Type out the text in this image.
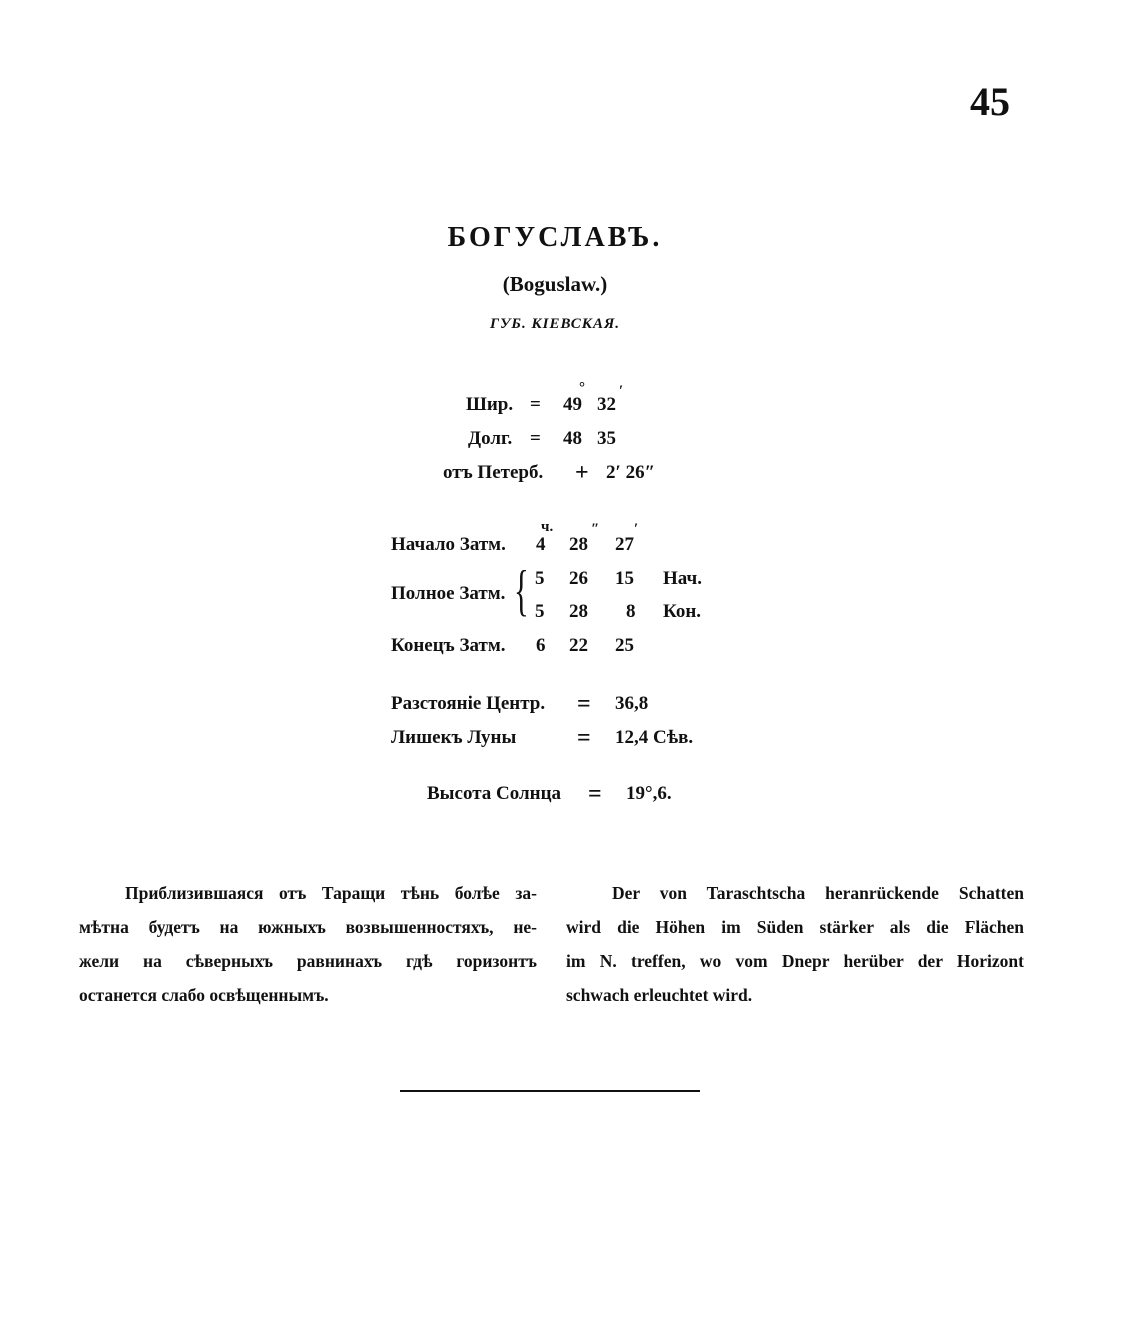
45
БОГУСЛАВЪ.
(Boguslaw.)
ГУБ. КІЕВСКАЯ.
Шир. = 49
°
32
′
Долг. = 48 35
отъ Петерб. + 2′ 26″
ч.	″ ′
Начало Затм. 4 28 27
Полное Затм. { 5 26 15 Нач.
5 28 8 Кон.
Конецъ Затм. 6 22 25
Разстояніе Центр. = 36,8
Лишекъ Луны	= 12,4 Сѣв.
Высота Солнца = 19°,6.
Приблизившаяся отъ Таращи тѣнь болѣе за-
мѣтна будетъ на южныхъ возвышенностяхъ, не-
жели на сѣверныхъ равнинахъ гдѣ горизонтъ
останется слабо освѣщеннымъ.
Der von Taraschtscha heranrückende Schatten
wird die Höhen im Süden stärker als die Flächen
im N. treffen, wo vom Dnepr herüber der Horizont
schwach erleuchtet wird.
